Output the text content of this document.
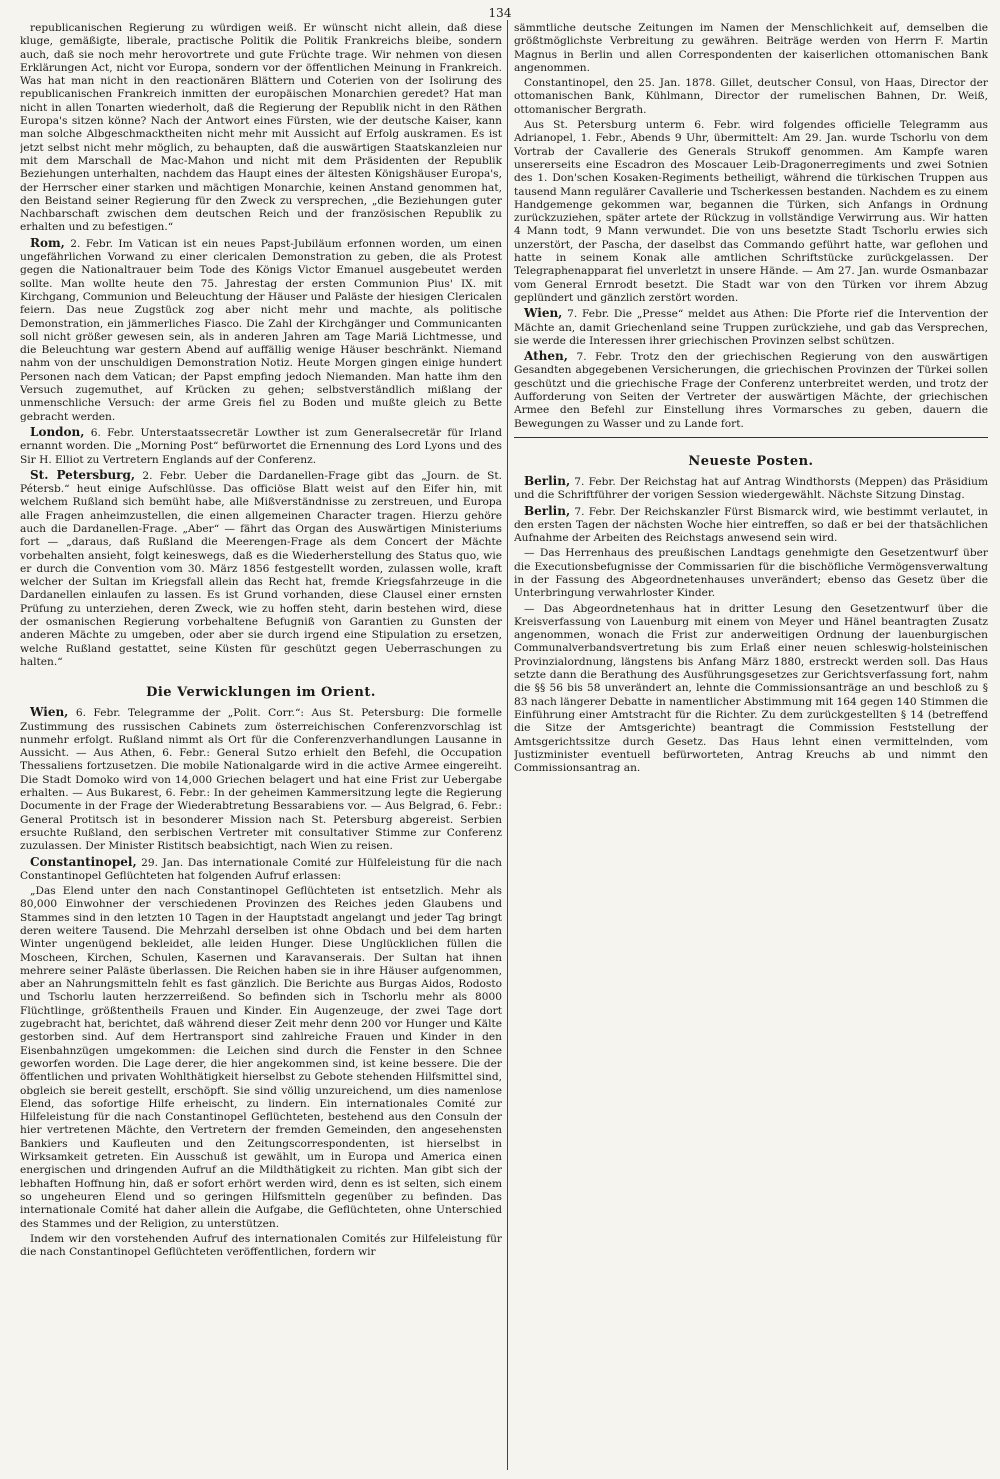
134

republicanischen Regierung zu würdigen weiß. Er wünscht nicht allein, daß diese kluge, gemäßigte, liberale, practische Politik die Politik Frankreichs bleibe, sondern auch, daß sie noch mehr herovortrete und gute Früchte trage. Wir nehmen von diesen Erklärungen Act, nicht vor Europa, sondern vor der öffentlichen Meinung in Frankreich. Was hat man nicht in den reactionären Blättern und Coterien von der Isolirung des republicanischen Frankreich inmitten der europäischen Monarchien geredet? Hat man nicht in allen Tonarten wiederholt, daß die Regierung der Republik nicht in den Räthen Europa's sitzen könne? Nach der Antwort eines Fürsten, wie der deutsche Kaiser, kann man solche Albgeschmacktheiten nicht mehr mit Aussicht auf Erfolg auskramen. Es ist jetzt selbst nicht mehr möglich, zu behaupten, daß die auswärtigen Staatskanzleien nur mit dem Marschall de Mac-Mahon und nicht mit dem Präsidenten der Republik Beziehungen unterhalten, nachdem das Haupt eines der ältesten Königshäuser Europa's, der Herrscher einer starken und mächtigen Monarchie, keinen Anstand genommen hat, den Beistand seiner Regierung für den Zweck zu versprechen, „die Beziehungen guter Nachbarschaft zwischen dem deutschen Reich und der französischen Republik zu erhalten und zu befestigen.“

Rom, 2. Febr. Im Vatican ist ein neues Papst-Jubiläum erfonnen worden, um einen ungefährlichen Vorwand zu einer clericalen Demonstration zu geben, die als Protest gegen die Nationaltrauer beim Tode des Königs Victor Emanuel ausgebeutet werden sollte. Man wollte heute den 75. Jahrestag der ersten Communion Pius' IX. mit Kirchgang, Communion und Beleuchtung der Häuser und Paläste der hiesigen Clericalen feiern. Das neue Zugstück zog aber nicht mehr und machte, als politische Demonstration, ein jämmerliches Fiasco. Die Zahl der Kirchgänger und Communicanten soll nicht größer gewesen sein, als in anderen Jahren am Tage Mariä Lichtmesse, und die Beleuchtung war gestern Abend auf auffällig wenige Häuser beschränkt. Niemand nahm von der unschuldigen Demonstration Notiz. Heute Morgen gingen einige hundert Personen nach dem Vatican; der Papst empfing jedoch Niemanden. Man hatte ihm den Versuch zugemuthet, auf Krücken zu gehen; selbstverständlich mißlang der unmenschliche Versuch: der arme Greis fiel zu Boden und mußte gleich zu Bette gebracht werden.

London, 6. Febr. Unterstaatssecretär Lowther ist zum Generalsecretär für Irland ernannt worden. Die „Morning Post“ befürwortet die Ernennung des Lord Lyons und des Sir H. Elliot zu Vertretern Englands auf der Conferenz.

St. Petersburg, 2. Febr. Ueber die Dardanellen-Frage gibt das „Journ. de St. Pétersb.“ heut einige Aufschlüsse. Das officiöse Blatt weist auf den Eifer hin, mit welchem Rußland sich bemüht habe, alle Mißverständnisse zu zerstreuen, und Europa alle Fragen anheimzustellen, die einen allgemeinen Character tragen. Hierzu gehöre auch die Dardanellen-Frage. „Aber“ — fährt das Organ des Auswärtigen Ministeriums fort — „daraus, daß Rußland die Meerengen-Frage als dem Concert der Mächte vorbehalten ansieht, folgt keineswegs, daß es die Wiederherstellung des Status quo, wie er durch die Convention vom 30. März 1856 festgestellt worden, zulassen wolle, kraft welcher der Sultan im Kriegsfall allein das Recht hat, fremde Kriegsfahrzeuge in die Dardanellen einlaufen zu lassen. Es ist Grund vorhanden, diese Clausel einer ernsten Prüfung zu unterziehen, deren Zweck, wie zu hoffen steht, darin bestehen wird, diese der osmanischen Regierung vorbehaltene Befugniß von Garantien zu Gunsten der anderen Mächte zu umgeben, oder aber sie durch irgend eine Stipulation zu ersetzen, welche Rußland gestattet, seine Küsten für geschützt gegen Ueberraschungen zu halten.“

Die Verwicklungen im Orient.

Wien, 6. Febr. Telegramme der „Polit. Corr.“: Aus St. Petersburg: Die formelle Zustimmung des russischen Cabinets zum österreichischen Conferenzvorschlag ist nunmehr erfolgt. Rußland nimmt als Ort für die Conferenzverhandlungen Lausanne in Aussicht. — Aus Athen, 6. Febr.: General Sutzo erhielt den Befehl, die Occupation Thessaliens fortzusetzen. Die mobile Nationalgarde wird in die active Armee eingereiht. Die Stadt Domoko wird von 14,000 Griechen belagert und hat eine Frist zur Uebergabe erhalten. — Aus Bukarest, 6. Febr.: In der geheimen Kammersitzung legte die Regierung Documente in der Frage der Wiederabtretung Bessarabiens vor. — Aus Belgrad, 6. Febr.: General Protitsch ist in besonderer Mission nach St. Petersburg abgereist. Serbien ersuchte Rußland, den serbischen Vertreter mit consultativer Stimme zur Conferenz zuzulassen. Der Minister Ristitsch beabsichtigt, nach Wien zu reisen.

Constantinopel, 29. Jan. Das internationale Comité zur Hülfeleistung für die nach Constantinopel Geflüchteten hat folgenden Aufruf erlassen:

„Das Elend unter den nach Constantinopel Geflüchteten ist entsetzlich. Mehr als 80,000 Einwohner der verschiedenen Provinzen des Reiches jeden Glaubens und Stammes sind in den letzten 10 Tagen in der Hauptstadt angelangt und jeder Tag bringt deren weitere Tausend. Die Mehrzahl derselben ist ohne Obdach und bei dem harten Winter ungenügend bekleidet, alle leiden Hunger. Diese Unglücklichen füllen die Moscheen, Kirchen, Schulen, Kasernen und Karavanserais. Der Sultan hat ihnen mehrere seiner Paläste überlassen. Die Reichen haben sie in ihre Häuser aufgenommen, aber an Nahrungsmitteln fehlt es fast gänzlich. Die Berichte aus Burgas Aidos, Rodosto und Tschorlu lauten herzzerreißend. So befinden sich in Tschorlu mehr als 8000 Flüchtlinge, größtentheils Frauen und Kinder. Ein Augenzeuge, der zwei Tage dort zugebracht hat, berichtet, daß während dieser Zeit mehr denn 200 vor Hunger und Kälte gestorben sind. Auf dem Hertransport sind zahlreiche Frauen und Kinder in den Eisenbahnzügen umgekommen: die Leichen sind durch die Fenster in den Schnee geworfen worden. Die Lage derer, die hier angekommen sind, ist keine bessere. Die der öffentlichen und privaten Wohlthätigkeit hierselbst zu Gebote stehenden Hilfsmittel sind, obgleich sie bereit gestellt, erschöpft. Sie sind völlig unzureichend, um dies namenlose Elend, das sofortige Hilfe erheischt, zu lindern. Ein internationales Comité zur Hilfeleistung für die nach Constantinopel Geflüchteten, bestehend aus den Consuln der hier vertretenen Mächte, den Vertretern der fremden Gemeinden, den angesehensten Bankiers und Kaufleuten und den Zeitungscorrespondenten, ist hierselbst in Wirksamkeit getreten. Ein Ausschuß ist gewählt, um in Europa und America einen energischen und dringenden Aufruf an die Mildthätigkeit zu richten. Man gibt sich der lebhaften Hoffnung hin, daß er sofort erhört werden wird, denn es ist selten, sich einem so ungeheuren Elend und so geringen Hilfsmitteln gegenüber zu befinden. Das internationale Comité hat daher allein die Aufgabe, die Geflüchteten, ohne Unterschied des Stammes und der Religion, zu unterstützen.

Indem wir den vorstehenden Aufruf des internationalen Comités zur Hilfeleistung für die nach Constantinopel Geflüchteten veröffentlichen, fordern wir

sämmtliche deutsche Zeitungen im Namen der Menschlichkeit auf, demselben die größtmöglichste Verbreitung zu gewähren. Beiträge werden von Herrn F. Martin Magnus in Berlin und allen Correspondenten der kaiserlichen ottomanischen Bank angenommen.

Constantinopel, den 25. Jan. 1878. Gillet, deutscher Consul, von Haas, Director der ottomanischen Bank, Kühlmann, Director der rumelischen Bahnen, Dr. Weiß, ottomanischer Bergrath.

Aus St. Petersburg unterm 6. Febr. wird folgendes officielle Telegramm aus Adrianopel, 1. Febr., Abends 9 Uhr, übermittelt: Am 29. Jan. wurde Tschorlu von dem Vortrab der Cavallerie des Generals Strukoff genommen. Am Kampfe waren unsererseits eine Escadron des Moscauer Leib-Dragonerregiments und zwei Sotnien des 1. Don'schen Kosaken-Regiments betheiligt, während die türkischen Truppen aus tausend Mann regulärer Cavallerie und Tscherkessen bestanden. Nachdem es zu einem Handgemenge gekommen war, begannen die Türken, sich Anfangs in Ordnung zurückzuziehen, später artete der Rückzug in vollständige Verwirrung aus. Wir hatten 4 Mann todt, 9 Mann verwundet. Die von uns besetzte Stadt Tschorlu erwies sich unzerstört, der Pascha, der daselbst das Commando geführt hatte, war geflohen und hatte in seinem Konak alle amtlichen Schriftstücke zurückgelassen. Der Telegraphenapparat fiel unverletzt in unsere Hände. — Am 27. Jan. wurde Osmanbazar vom General Ernrodt besetzt. Die Stadt war von den Türken vor ihrem Abzug geplündert und gänzlich zerstört worden.

Wien, 7. Febr. Die „Presse“ meldet aus Athen: Die Pforte rief die Intervention der Mächte an, damit Griechenland seine Truppen zurückziehe, und gab das Versprechen, sie werde die Interessen ihrer griechischen Provinzen selbst schützen.

Athen, 7. Febr. Trotz den der griechischen Regierung von den auswärtigen Gesandten abgegebenen Versicherungen, die griechischen Provinzen der Türkei sollen geschützt und die griechische Frage der Conferenz unterbreitet werden, und trotz der Aufforderung von Seiten der Vertreter der auswärtigen Mächte, der griechischen Armee den Befehl zur Einstellung ihres Vormarsches zu geben, dauern die Bewegungen zu Wasser und zu Lande fort.

Neueste Posten.

Berlin, 7. Febr. Der Reichstag hat auf Antrag Windthorsts (Meppen) das Präsidium und die Schriftführer der vorigen Session wiedergewählt. Nächste Sitzung Dinstag.

Berlin, 7. Febr. Der Reichskanzler Fürst Bismarck wird, wie bestimmt verlautet, in den ersten Tagen der nächsten Woche hier eintreffen, so daß er bei der thatsächlichen Aufnahme der Arbeiten des Reichstags anwesend sein wird.

— Das Herrenhaus des preußischen Landtags genehmigte den Gesetzentwurf über die Executionsbefugnisse der Commissarien für die bischöfliche Vermögensverwaltung in der Fassung des Abgeordnetenhauses unverändert; ebenso das Gesetz über die Unterbringung verwahrloster Kinder.

— Das Abgeordnetenhaus hat in dritter Lesung den Gesetzentwurf über die Kreisverfassung von Lauenburg mit einem von Meyer und Hänel beantragten Zusatz angenommen, wonach die Frist zur anderweitigen Ordnung der lauenburgischen Communalverbandsvertretung bis zum Erlaß einer neuen schleswig-holsteinischen Provinzialordnung, längstens bis Anfang März 1880, erstreckt werden soll. Das Haus setzte dann die Berathung des Ausführungsgesetzes zur Gerichtsverfassung fort, nahm die §§ 56 bis 58 unverändert an, lehnte die Commissionsanträge an und beschloß zu § 83 nach längerer Debatte in namentlicher Abstimmung mit 164 gegen 140 Stimmen die Einführung einer Amtstracht für die Richter. Zu dem zurückgestellten § 14 (betreffend die Sitze der Amtsgerichte) beantragt die Commission Feststellung der Amtsgerichtssitze durch Gesetz. Das Haus lehnt einen vermittelnden, vom Justizminister eventuell befürworteten, Antrag Kreuchs ab und nimmt den Commissionsantrag an.
